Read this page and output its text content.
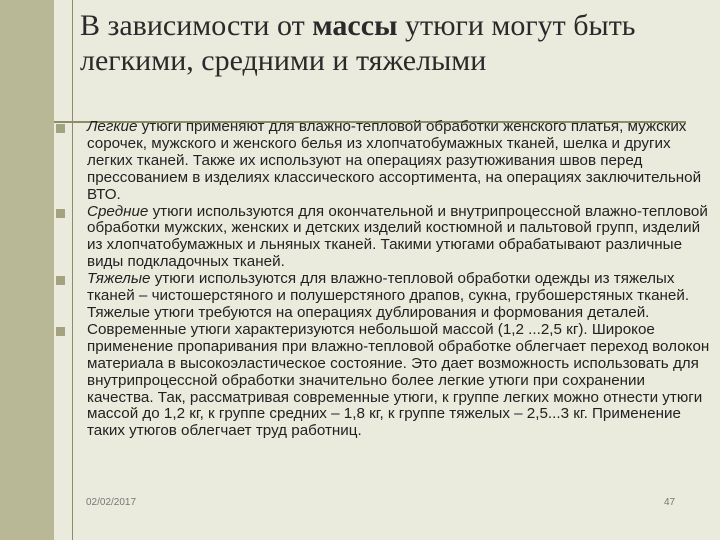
В зависимости от массы утюги могут быть легкими, средними и тяжелыми
Легкие утюги применяют для влажно-тепловой обработки женского платья, мужских сорочек, мужского и женского белья из хлопчатобумажных тканей, шелка и других легких тканей. Также их используют на операциях разутюживания швов перед прессованием в изделиях классического ассортимента, на операциях заключительной ВТО.
Средние утюги используются для окончательной и внутрипроцессной влажно-тепловой обработки мужских, женских и детских изделий костюмной и пальтовой групп, изделий из хлопчатобумажных и льняных тканей. Такими утюгами обрабатывают различные виды подкладочных тканей.
Тяжелые утюги используются для влажно-тепловой обработки одежды из тяжелых тканей – чистошерстяного и полушерстяного драпов, сукна, грубошерстяных тканей. Тяжелые утюги требуются на операциях дублирования и формования деталей.
Современные утюги характеризуются небольшой массой (1,2 ...2,5 кг). Широкое применение пропаривания при влажно-тепловой обработке облегчает переход волокон материала в высокоэластическое состояние. Это дает возможность использовать для внутрипроцессной обработки значительно более легкие утюги при сохранении качества. Так, рассматривая современные утюги, к группе легких можно отнести утюги массой до 1,2 кг, к группе средних – 1,8 кг, к группе тяжелых – 2,5...3 кг. Применение таких утюгов облегчает труд работниц.
02/02/2017	47
